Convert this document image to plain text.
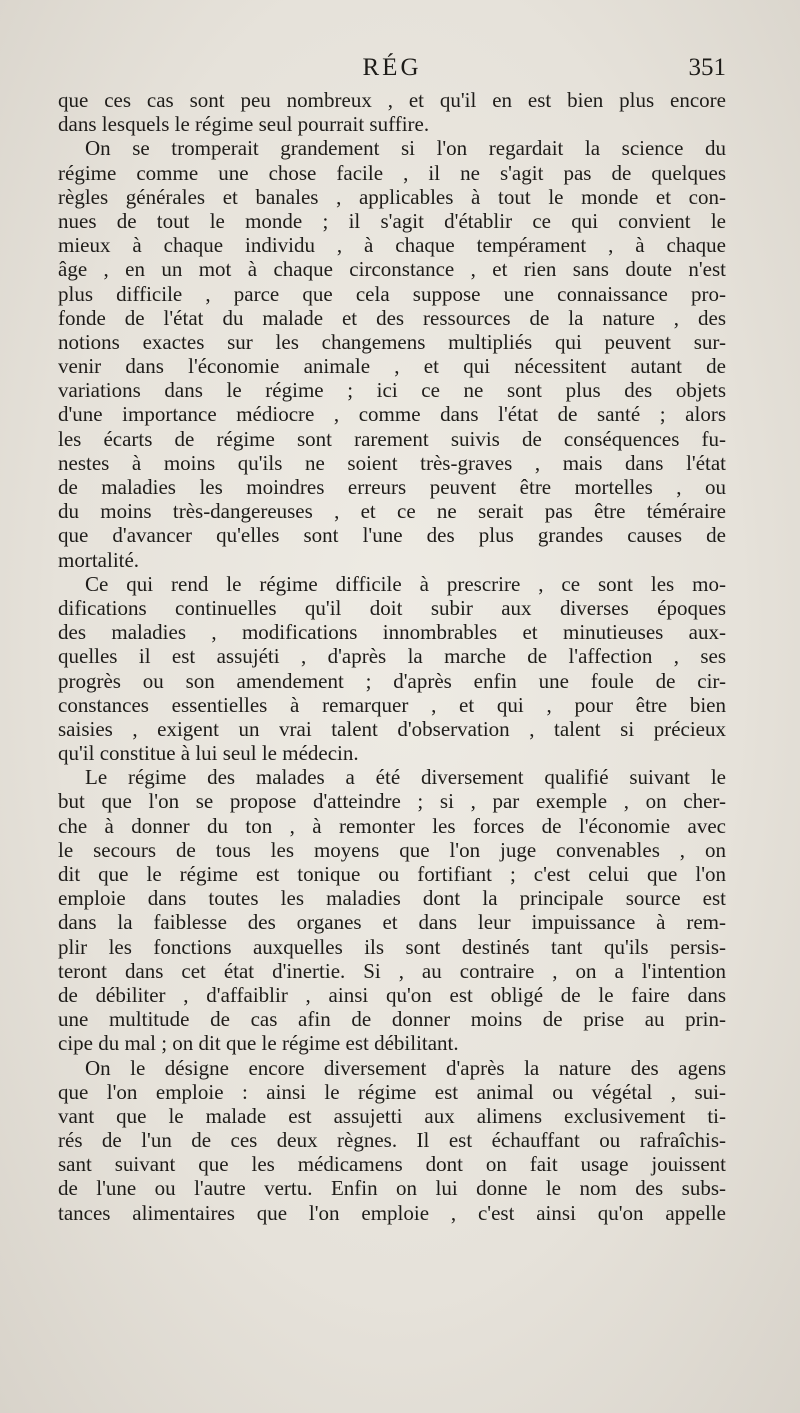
RÉG	351
que ces cas sont peu nombreux , et qu'il en est bien plus encore
dans lesquels le régime seul pourrait suffire.
On se tromperait grandement si l'on regardait la science du
régime comme une chose facile , il ne s'agit pas de quelques
règles générales et banales , applicables à tout le monde et con-
nues de tout le monde ; il s'agit d'établir ce qui convient le
mieux à chaque individu , à chaque tempérament , à chaque
âge , en un mot à chaque circonstance , et rien sans doute n'est
plus difficile , parce que cela suppose une connaissance pro-
fonde de l'état du malade et des ressources de la nature , des
notions exactes sur les changemens multipliés qui peuvent sur-
venir dans l'économie animale , et qui nécessitent autant de
variations dans le régime ; ici ce ne sont plus des objets
d'une importance médiocre , comme dans l'état de santé ; alors
les écarts de régime sont rarement suivis de conséquences fu-
nestes à moins qu'ils ne soient très-graves , mais dans l'état
de maladies les moindres erreurs peuvent être mortelles , ou
du moins très-dangereuses , et ce ne serait pas être téméraire
que d'avancer qu'elles sont l'une des plus grandes causes de
mortalité.
Ce qui rend le régime difficile à prescrire , ce sont les mo-
difications continuelles qu'il doit subir aux diverses époques
des maladies , modifications innombrables et minutieuses aux-
quelles il est assujéti , d'après la marche de l'affection , ses
progrès ou son amendement ; d'après enfin une foule de cir-
constances essentielles à remarquer , et qui , pour être bien
saisies , exigent un vrai talent d'observation , talent si précieux
qu'il constitue à lui seul le médecin.
Le régime des malades a été diversement qualifié suivant le
but que l'on se propose d'atteindre ; si , par exemple , on cher-
che à donner du ton , à remonter les forces de l'économie avec
le secours de tous les moyens que l'on juge convenables , on
dit que le régime est tonique ou fortifiant ; c'est celui que l'on
emploie dans toutes les maladies dont la principale source est
dans la faiblesse des organes et dans leur impuissance à rem-
plir les fonctions auxquelles ils sont destinés tant qu'ils persis-
teront dans cet état d'inertie. Si , au contraire , on a l'intention
de débiliter , d'affaiblir , ainsi qu'on est obligé de le faire dans
une multitude de cas afin de donner moins de prise au prin-
cipe du mal ; on dit que le régime est débilitant.
On le désigne encore diversement d'après la nature des agens
que l'on emploie : ainsi le régime est animal ou végétal , sui-
vant que le malade est assujetti aux alimens exclusivement ti-
rés de l'un de ces deux règnes. Il est échauffant ou rafraîchis-
sant suivant que les médicamens dont on fait usage jouissent
de l'une ou l'autre vertu. Enfin on lui donne le nom des subs-
tances alimentaires que l'on emploie , c'est ainsi qu'on appelle
